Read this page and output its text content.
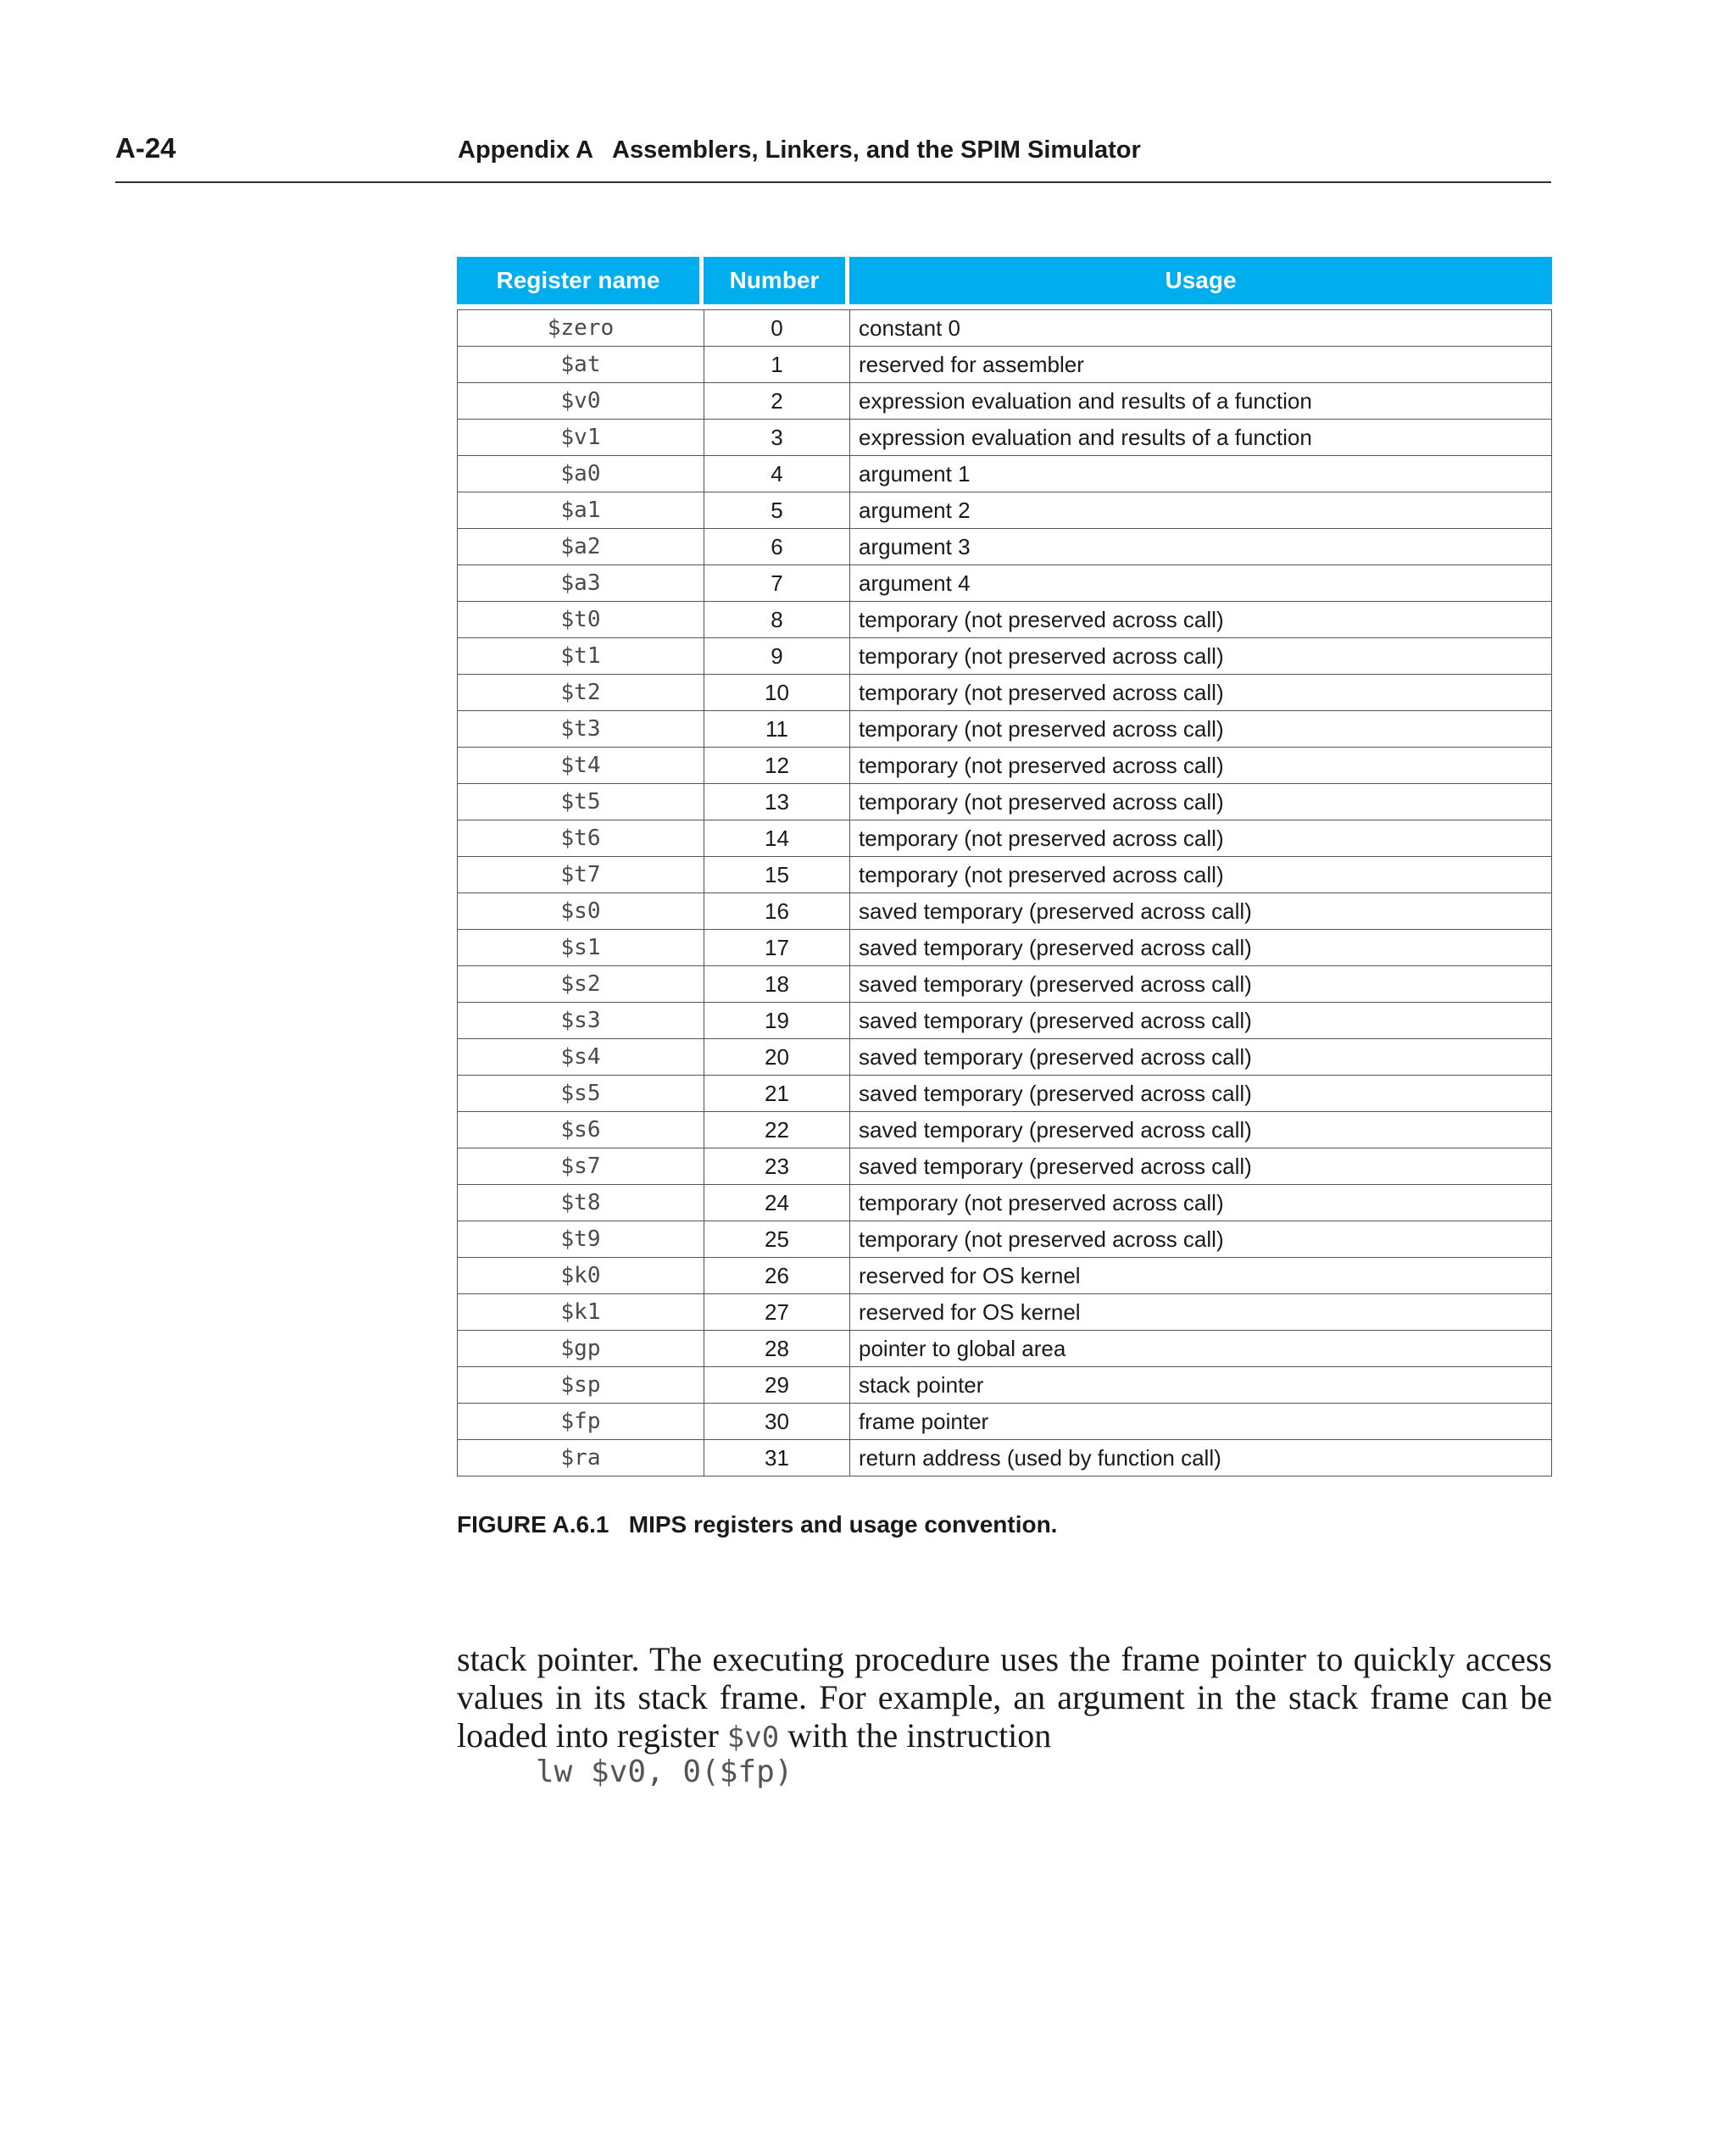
A-24	Appendix A   Assemblers, Linkers, and the SPIM Simulator
Register name	Number	Usage

$zero	0	constant 0
$at	1	reserved for assembler
$v0	2	expression evaluation and results of a function
$v1	3	expression evaluation and results of a function
$a0	4	argument 1
$a1	5	argument 2
$a2	6	argument 3
$a3	7	argument 4
$t0	8	temporary (not preserved across call)
$t1	9	temporary (not preserved across call)
$t2	10	temporary (not preserved across call)
$t3	11	temporary (not preserved across call)
$t4	12	temporary (not preserved across call)
$t5	13	temporary (not preserved across call)
$t6	14	temporary (not preserved across call)
$t7	15	temporary (not preserved across call)
$s0	16	saved temporary (preserved across call)
$s1	17	saved temporary (preserved across call)
$s2	18	saved temporary (preserved across call)
$s3	19	saved temporary (preserved across call)
$s4	20	saved temporary (preserved across call)
$s5	21	saved temporary (preserved across call)
$s6	22	saved temporary (preserved across call)
$s7	23	saved temporary (preserved across call)
$t8	24	temporary (not preserved across call)
$t9	25	temporary (not preserved across call)
$k0	26	reserved for OS kernel
$k1	27	reserved for OS kernel
$gp	28	pointer to global area
$sp	29	stack pointer
$fp	30	frame pointer
$ra	31	return address (used by function call)
FIGURE A.6.1   MIPS registers and usage convention.

stack pointer. The executing procedure uses the frame pointer to quickly access values in its stack frame. For example, an argument in the stack frame can be loaded into register $v0 with the instruction

lw $v0, 0($fp)
